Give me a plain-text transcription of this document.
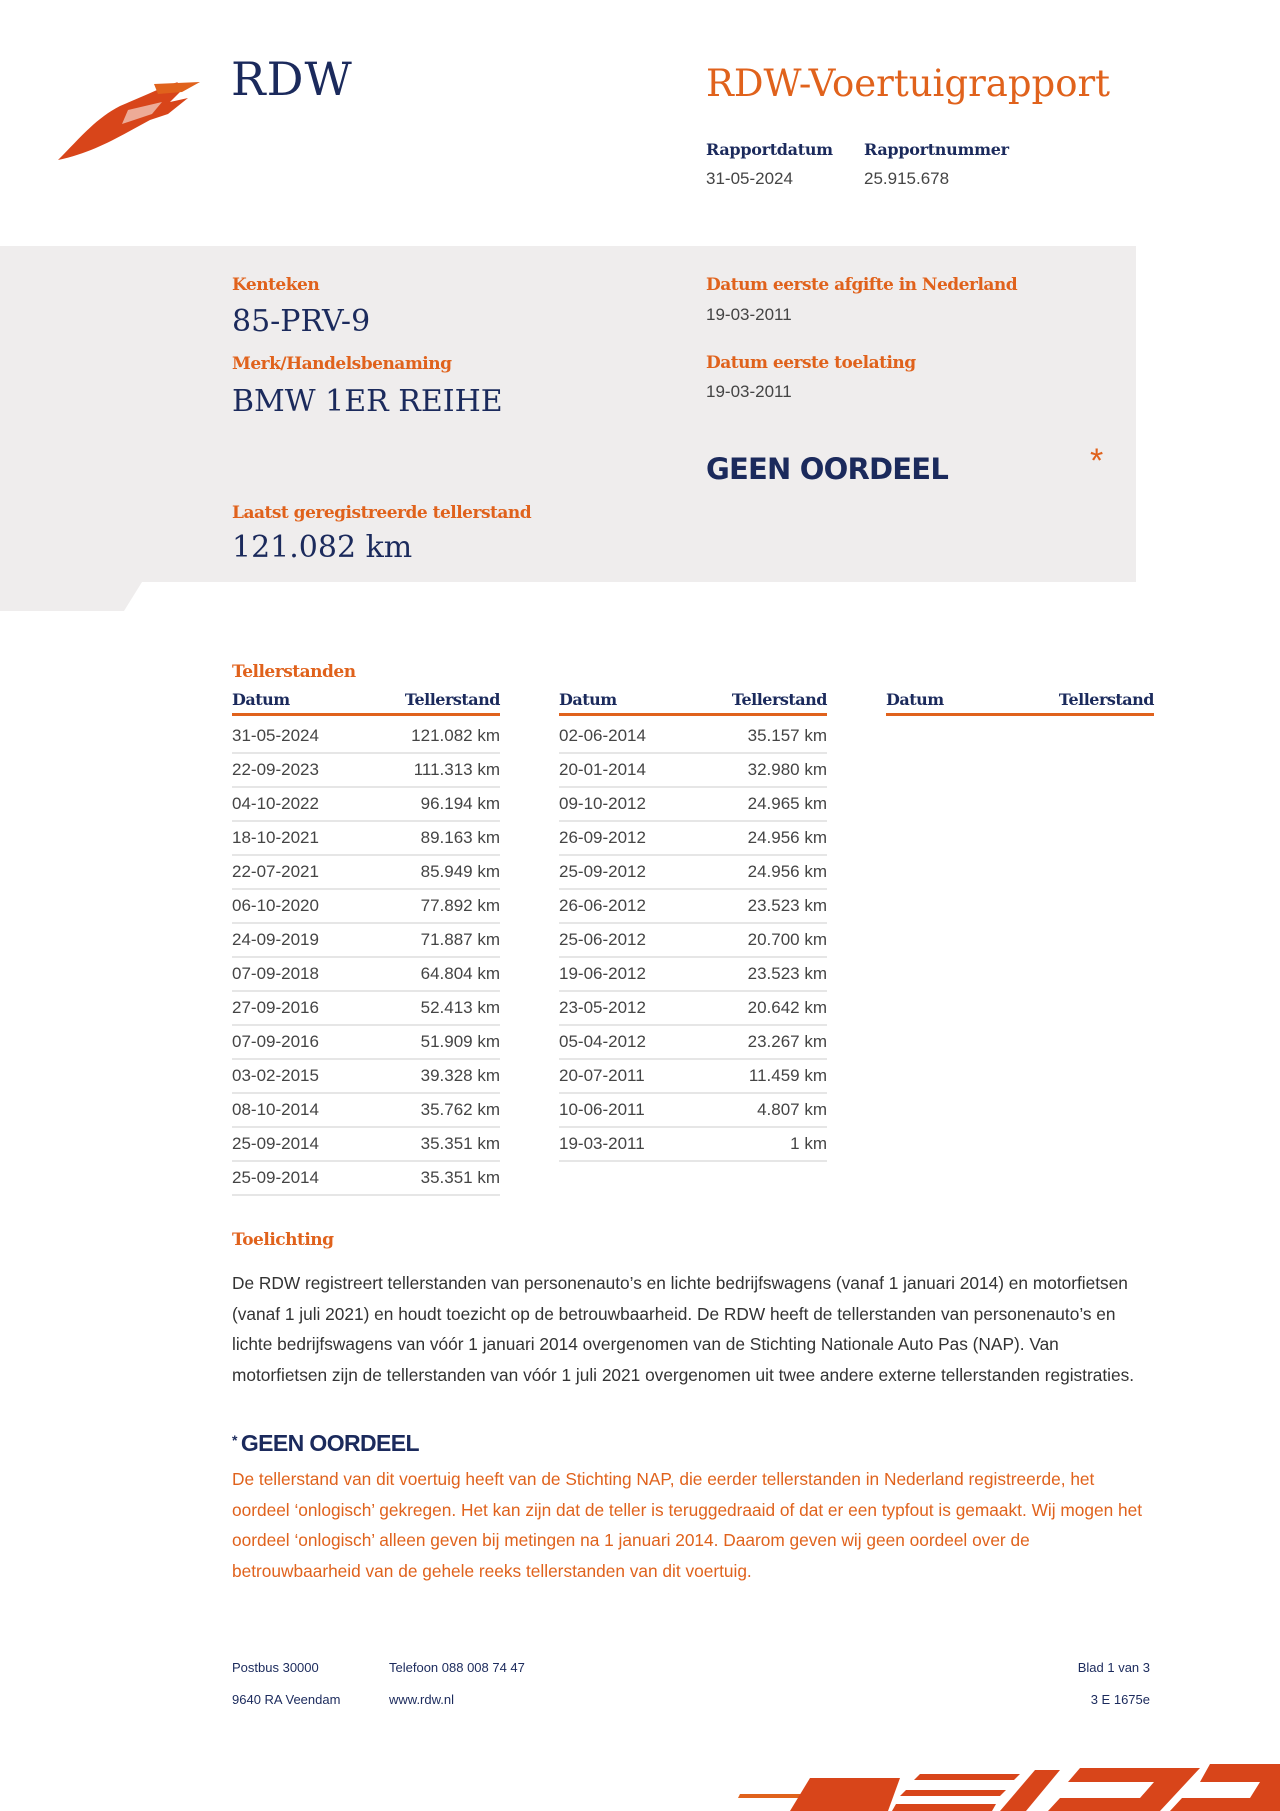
RDW	RDW-Voertuigrapport
Rapportdatum
31-05-2024
Rapportnummer
25.915.678
Kenteken
85-PRV-9
Merk/Handelsbenaming
BMW 1ER REIHE
Datum eerste afgifte in Nederland
19-03-2011
Datum eerste toelating
19-03-2011
GEEN OORDEEL	*
Laatst geregistreerde tellerstand
121.082 km
Tellerstanden
Datum	Tellerstand
31-05-2024	121.082 km
22-09-2023	111.313 km
04-10-2022	96.194 km
18-10-2021	89.163 km
22-07-2021	85.949 km
06-10-2020	77.892 km
24-09-2019	71.887 km
07-09-2018	64.804 km
27-09-2016	52.413 km
07-09-2016	51.909 km
03-02-2015	39.328 km
08-10-2014	35.762 km
25-09-2014	35.351 km
25-09-2014	35.351 km
Datum	Tellerstand
02-06-2014	35.157 km
20-01-2014	32.980 km
09-10-2012	24.965 km
26-09-2012	24.956 km
25-09-2012	24.956 km
26-06-2012	23.523 km
25-06-2012	20.700 km
19-06-2012	23.523 km
23-05-2012	20.642 km
05-04-2012	23.267 km
20-07-2011	11.459 km
10-06-2011	4.807 km
19-03-2011	1 km
Datum	Tellerstand
Toelichting
De RDW registreert tellerstanden van personenauto’s en lichte bedrijfswagens (vanaf 1 januari 2014) en motorfietsen (vanaf 1 juli 2021) en houdt toezicht op de betrouwbaarheid. De RDW heeft de tellerstanden van personenauto’s en lichte bedrijfswagens van vóór 1 januari 2014 overgenomen van de Stichting Nationale Auto Pas (NAP). Van motorfietsen zijn de tellerstanden van vóór 1 juli 2021 overgenomen uit twee andere externe tellerstanden registraties.
* GEEN OORDEEL
De tellerstand van dit voertuig heeft van de Stichting NAP, die eerder tellerstanden in Nederland registreerde, het oordeel ‘onlogisch’ gekregen. Het kan zijn dat de teller is teruggedraaid of dat er een typfout is gemaakt. Wij mogen het oordeel ‘onlogisch’ alleen geven bij metingen na 1 januari 2014. Daarom geven wij geen oordeel over de betrouwbaarheid van de gehele reeks tellerstanden van dit voertuig.
Postbus 30000
9640 RA Veendam
Telefoon 088 008 74 47
www.rdw.nl
Blad 1 van 3
3 E 1675e
